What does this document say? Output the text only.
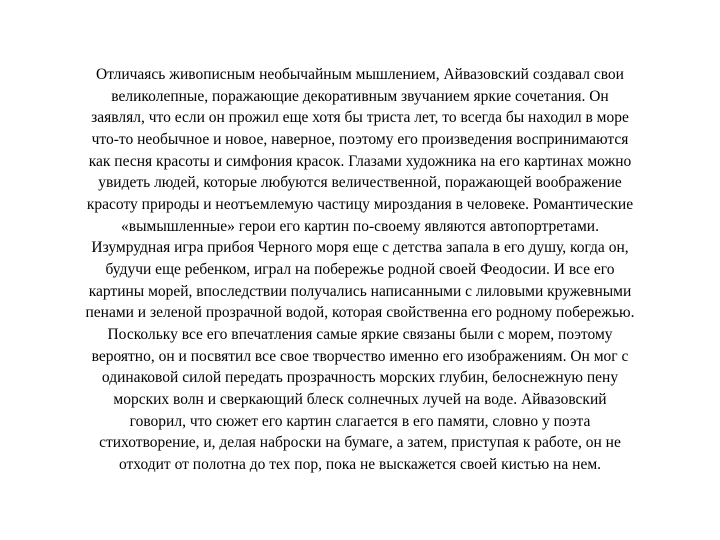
Отличаясь живописным необычайным мышлением, Айвазовский создавал свои
великолепные, поражающие декоративным звучанием яркие сочетания. Он
заявлял, что если он прожил еще хотя бы триста лет, то всегда бы находил в море
что-то необычное и новое, наверное, поэтому его произведения воспринимаются
как песня красоты и симфония красок. Глазами художника на его картинах можно
увидеть людей, которые любуются величественной, поражающей воображение
красоту природы и неотъемлемую частицу мироздания в человеке. Романтические
«вымышленные» герои его картин по-своему являются автопортретами.
Изумрудная игра прибоя Черного моря еще с детства запала в его душу, когда он,
будучи еще ребенком, играл на побережье родной своей Феодосии. И все его
картины морей, впоследствии получались написанными с лиловыми кружевными
пенами и зеленой прозрачной водой, которая свойственна его родному побережью.
Поскольку все его впечатления самые яркие связаны были с морем, поэтому
вероятно, он и посвятил все свое творчество именно его изображениям. Он мог с
одинаковой силой передать прозрачность морских глубин, белоснежную пену
морских волн и сверкающий блеск солнечных лучей на воде. Айвазовский
говорил, что сюжет его картин слагается в его памяти, словно у поэта
стихотворение, и, делая наброски на бумаге, а затем, приступая к работе, он не
отходит от полотна до тех пор, пока не выскажется своей кистью на нем.
